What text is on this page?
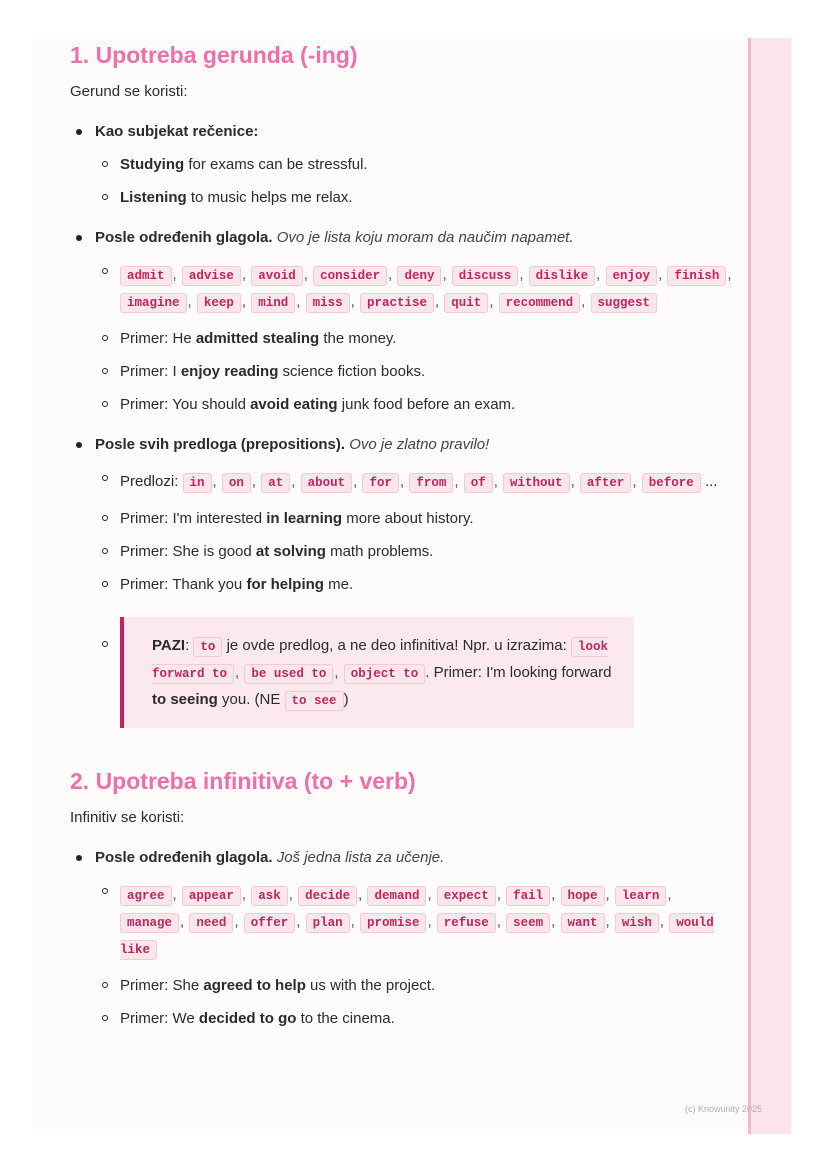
1. Upotreba gerunda (-ing)

Gerund se koristi:

Kao subjekat rečenice:
Studying for exams can be stressful.
Listening to music helps me relax.
Posle određenih glagola. Ovo je lista koju moram da naučim napamet.
admit , advise , avoid , consider , deny , discuss , dislike , enjoy , finish , imagine , keep , mind , miss , practise , quit , recommend , suggest
Primer: He admitted stealing the money.
Primer: I enjoy reading science fiction books.
Primer: You should avoid eating junk food before an exam.
Posle svih predloga (prepositions). Ovo je zlatno pravilo!
Predlozi: in , on , at , about , for , from , of , without , after , before ...
Primer: I'm interested in learning more about history.
Primer: She is good at solving math problems.
Primer: Thank you for helping me.
PAZI: to je ovde predlog, a ne deo infinitiva! Npr. u izrazima: look forward to , be used to , object to . Primer: I'm looking forward to seeing you. (NE to see )
2. Upotreba infinitiva (to + verb)

Infinitiv se koristi:

Posle određenih glagola. Još jedna lista za učenje.
agree , appear , ask , decide , demand , expect , fail , hope , learn , manage , need , offer , plan , promise , refuse , seem , want , wish , would like
Primer: She agreed to help us with the project.
Primer: We decided to go to the cinema.
(c) Knowunity 2025
